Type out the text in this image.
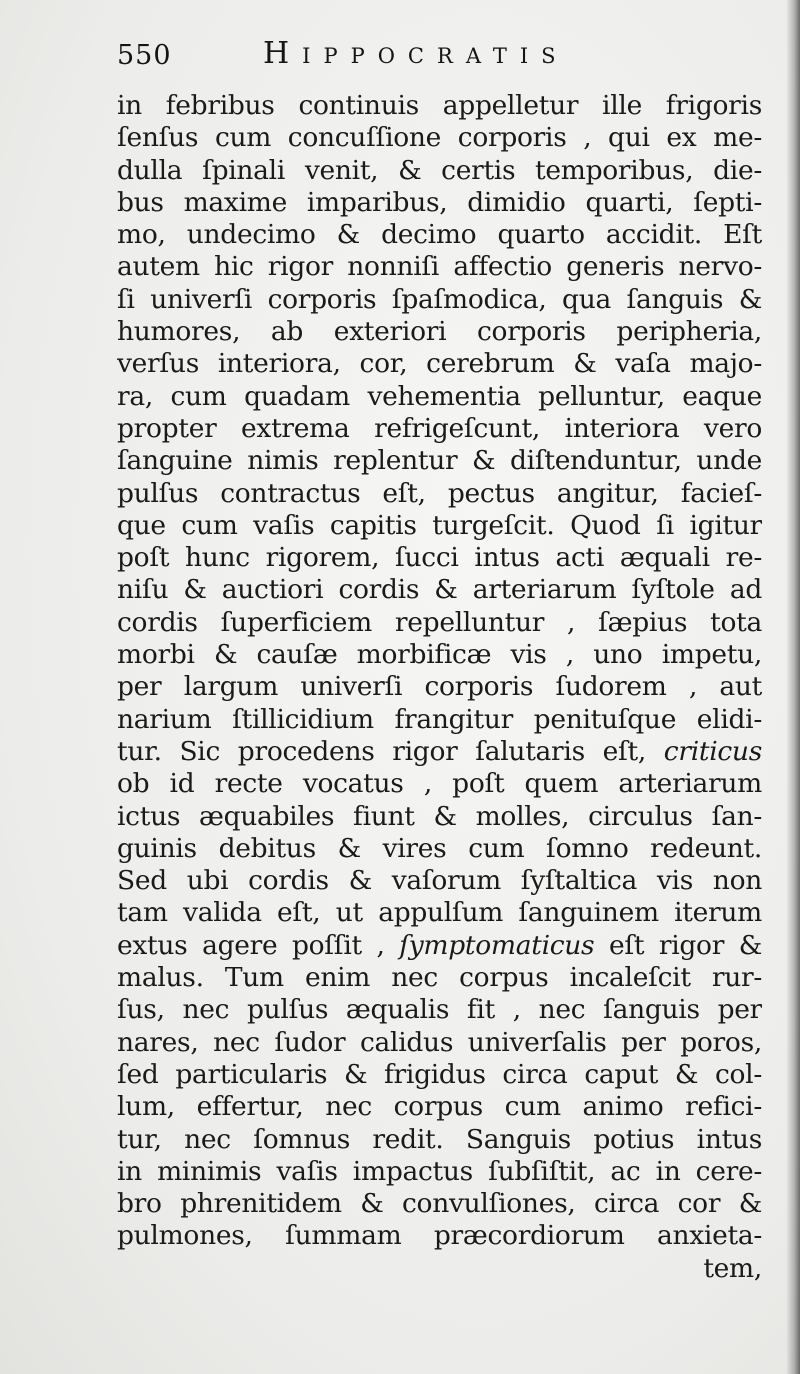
550	Hippocratis
in febribus continuis appelletur ille frigoris
ſenſus cum concuſſione corporis , qui ex me-
dulla ſpinali venit, & certis temporibus, die-
bus maxime imparibus, dimidio quarti, ſepti-
mo, undecimo & decimo quarto accidit. Eſt
autem hic rigor nonniſi affectio generis nervo-
ſi univerſi corporis ſpaſmodica, qua ſanguis &
humores, ab exteriori corporis peripheria,
verſus interiora, cor, cerebrum & vaſa majo-
ra, cum quadam vehementia pelluntur, eaque
propter extrema refrigeſcunt, interiora vero
ſanguine nimis replentur & diſtenduntur, unde
pulſus contractus eſt, pectus angitur, facieſ-
que cum vaſis capitis turgeſcit. Quod ſi igitur
poſt hunc rigorem, ſucci intus acti æquali re-
niſu & auctiori cordis & arteriarum ſyſtole ad
cordis ſuperficiem repelluntur , ſæpius tota
morbi & cauſæ morbificæ vis , uno impetu,
per largum univerſi corporis ſudorem , aut
narium ſtillicidium frangitur penituſque elidi-
tur. Sic procedens rigor ſalutaris eſt, criticus
ob id recte vocatus , poſt quem arteriarum
ictus æquabiles fiunt & molles, circulus ſan-
guinis debitus & vires cum ſomno redeunt.
Sed ubi cordis & vaſorum ſyſtaltica vis non
tam valida eſt, ut appulſum ſanguinem iterum
extus agere poſſit , ſymptomaticus eſt rigor &
malus. Tum enim nec corpus incaleſcit rur-
ſus, nec pulſus æqualis fit , nec ſanguis per
nares, nec ſudor calidus univerſalis per poros,
ſed particularis & frigidus circa caput & col-
lum, effertur, nec corpus cum animo refici-
tur, nec ſomnus redit. Sanguis potius intus
in minimis vaſis impactus ſubſiſtit, ac in cere-
bro phrenitidem & convulſiones, circa cor &
pulmones, ſummam præcordiorum anxieta-
tem,
